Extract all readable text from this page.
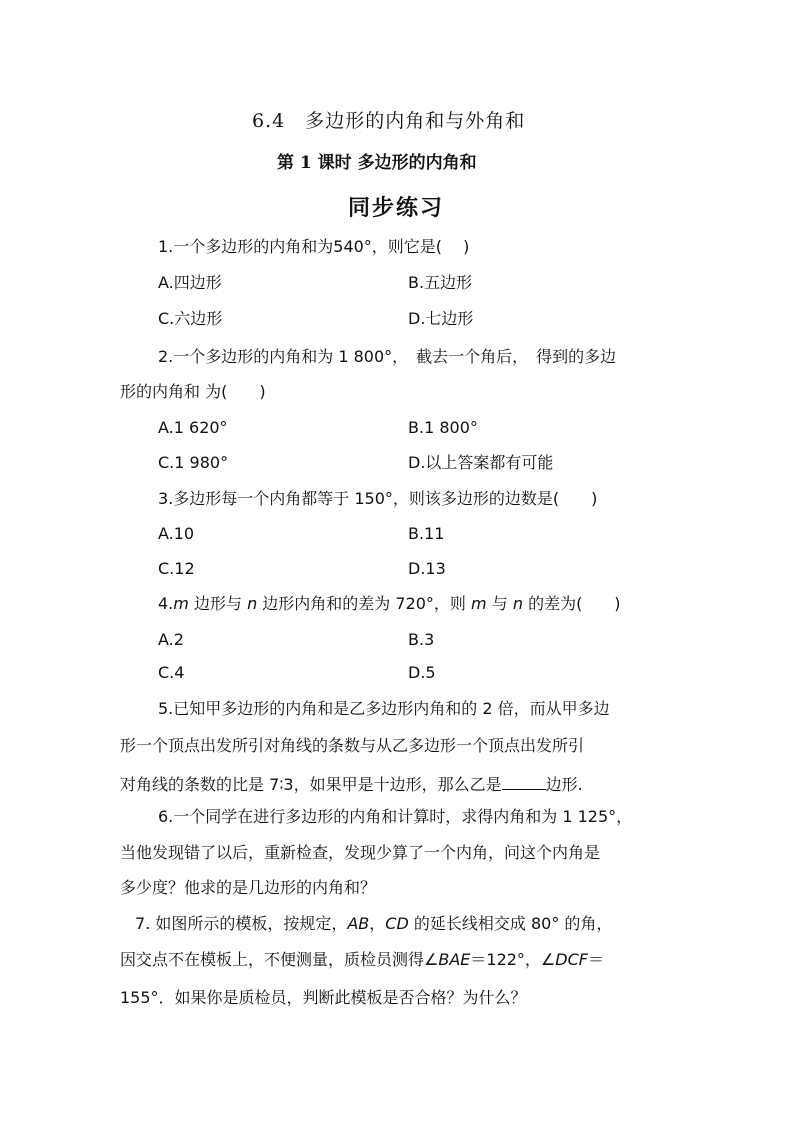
6.4　多边形的内角和与外角和
第 1 课时 多边形的内角和
同步练习
1.一个多边形的内角和为540°，则它是(　 )
A.四边形	B.五边形
C.六边形	D.七边形
2.一个多边形的内角和为 1 800°，　截去一个角后，　得到的多边
形的内角和 为(　　)
A.1 620°	B.1 800°
C.1 980°	D.以上答案都有可能
3.多边形每一个内角都等于 150°，则该多边形的边数是(　　)
A.10	B.11
C.12	D.13
4.m 边形与 n 边形内角和的差为 720°，则 m 与 n 的差为(　　)
A.2	B.3
C.4	D.5
5.已知甲多边形的内角和是乙多边形内角和的 2 倍，而从甲多边
形一个顶点出发所引对角线的条数与从乙多边形一个顶点出发所引
对角线的条数的比是 7∶3，如果甲是十边形，那么乙是	边形.
6.一个同学在进行多边形的内角和计算时，求得内角和为 1 125°，
当他发现错了以后，重新检查，发现少算了一个内角，问这个内角是
多少度？他求的是几边形的内角和？
7. 如图所示的模板，按规定，AB，CD 的延长线相交成 80° 的角，
因交点不在模板上，不便测量，质检员测得∠BAE＝122°，∠DCF＝
155°．如果你是质检员，判断此模板是否合格？为什么？
